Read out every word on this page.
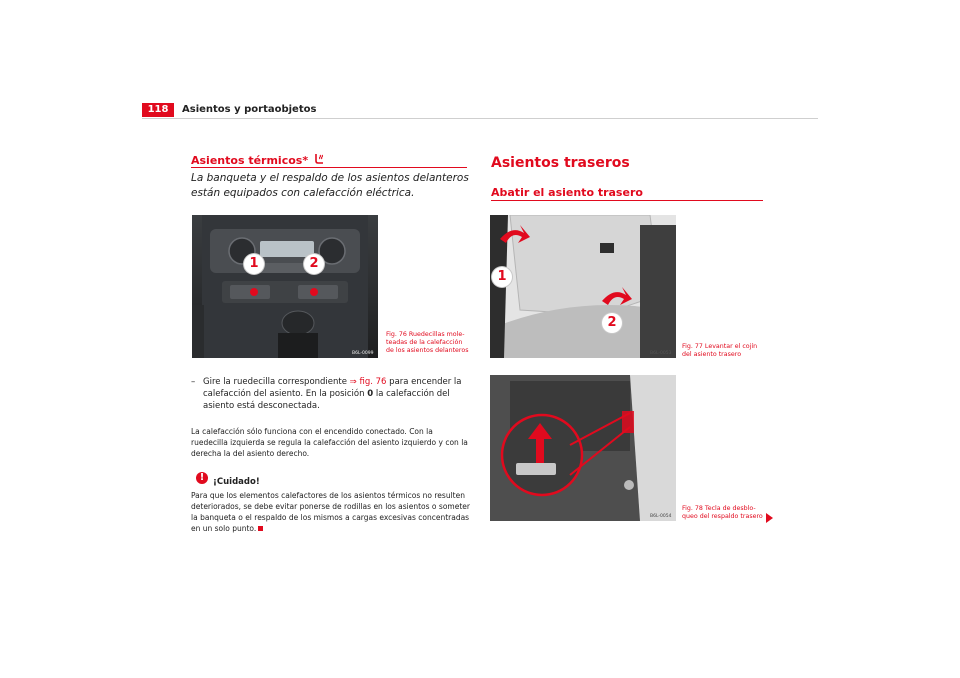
118	Asientos y portaobjetos
Asientos térmicos*
La banqueta y el respaldo de los asientos delanteros están equipados con calefacción eléctrica.
1	2
B6L-0099
Fig. 76 Ruedecillas mole-
teadas de la calefacción
de los asientos delanteros
– Gire la ruedecilla correspondiente ⇒ fig. 76 para encender la calefacción del asiento. En la posición 0 la calefacción del asiento está desconectada.
La calefacción sólo funciona con el encendido conectado. Con la ruedecilla izquierda se regula la calefacción del asiento izquierdo y con la derecha la del asiento derecho.
!	¡Cuidado!
Para que los elementos calefactores de los asientos térmicos no resulten deteriorados, se debe evitar ponerse de rodillas en los asientos o someter la banqueta o el respaldo de los mismos a cargas excesivas concentradas en un solo punto.
Asientos traseros
Abatir el asiento trasero
1
2
B6L-0053
Fig. 77 Levantar el cojín
del asiento trasero
B6L-0054
Fig. 78 Tecla de desblo-
queo del respaldo trasero
